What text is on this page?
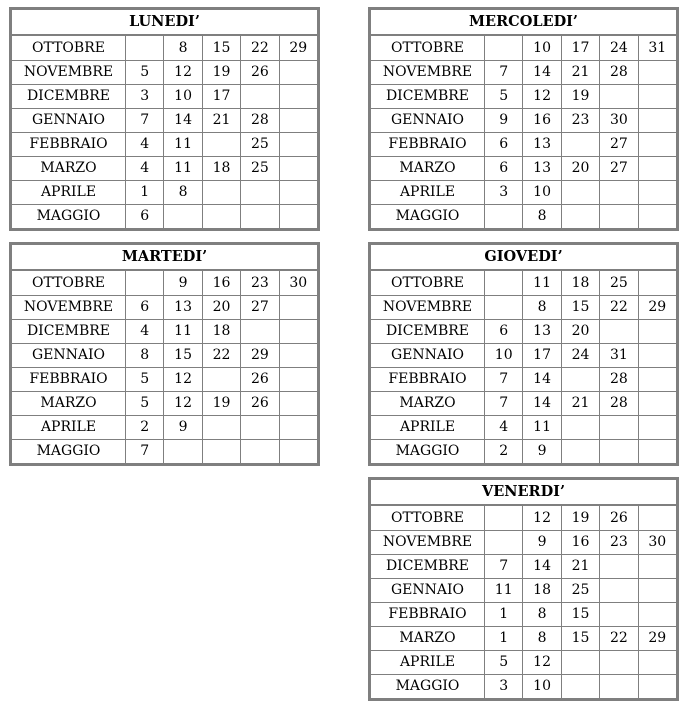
LUNEDI’					
OTTOBRE		8	15	22	29
NOVEMBRE	5	12	19	26	
DICEMBRE	3	10	17		
GENNAIO	7	14	21	28	
FEBBRAIO	4	11		25	
MARZO	4	11	18	25	
APRILE	1	8			
MAGGIO	6				
MERCOLEDI’					
OTTOBRE		10	17	24	31
NOVEMBRE	7	14	21	28	
DICEMBRE	5	12	19		
GENNAIO	9	16	23	30	
FEBBRAIO	6	13		27	
MARZO	6	13	20	27	
APRILE	3	10			
MAGGIO		8			
MARTEDI’					
OTTOBRE		9	16	23	30
NOVEMBRE	6	13	20	27	
DICEMBRE	4	11	18		
GENNAIO	8	15	22	29	
FEBBRAIO	5	12		26	
MARZO	5	12	19	26	
APRILE	2	9			
MAGGIO	7				
GIOVEDI’					
OTTOBRE		11	18	25	
NOVEMBRE		8	15	22	29
DICEMBRE	6	13	20		
GENNAIO	10	17	24	31	
FEBBRAIO	7	14		28	
MARZO	7	14	21	28	
APRILE	4	11			
MAGGIO	2	9			
VENERDI’					
OTTOBRE		12	19	26	
NOVEMBRE		9	16	23	30
DICEMBRE	7	14	21		
GENNAIO	11	18	25		
FEBBRAIO	1	8	15		
MARZO	1	8	15	22	29
APRILE	5	12			
MAGGIO	3	10			
